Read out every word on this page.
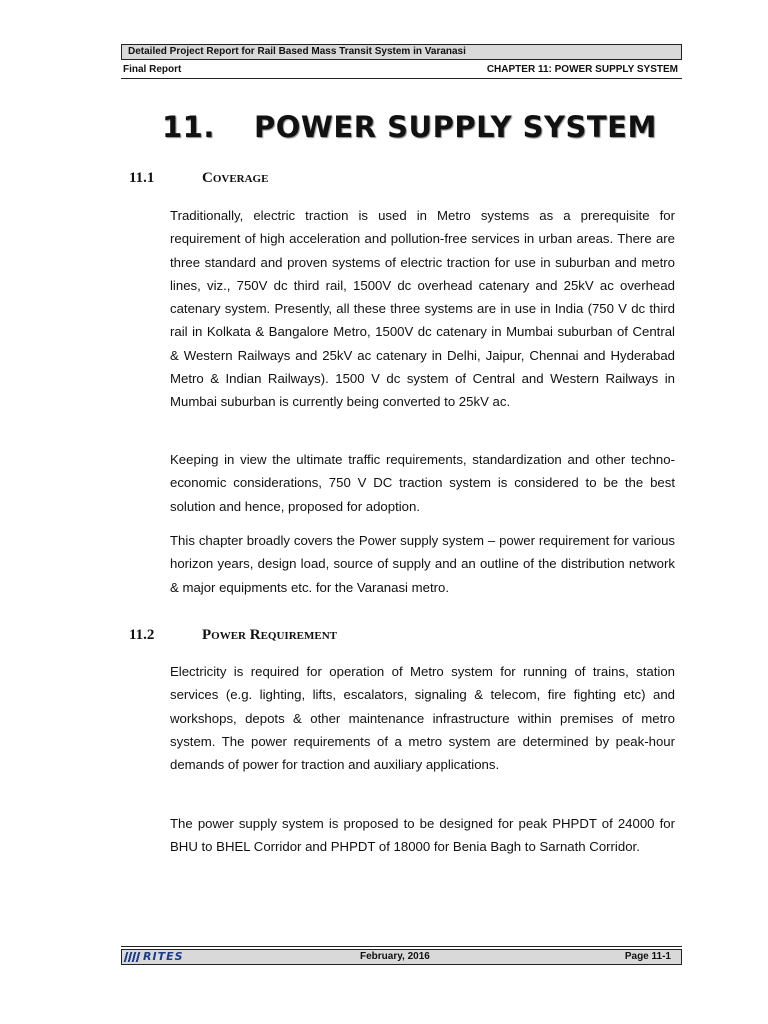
Detailed Project Report for Rail Based Mass Transit System in Varanasi
Final Report	CHAPTER 11: POWER SUPPLY SYSTEM
11. POWER SUPPLY SYSTEM
11.1	Coverage
Traditionally, electric traction is used in Metro systems as a prerequisite for requirement of high acceleration and pollution-free services in urban areas. There are three standard and proven systems of electric traction for use in suburban and metro lines, viz., 750V dc third rail, 1500V dc overhead catenary and 25kV ac overhead catenary system. Presently, all these three systems are in use in India (750 V dc third rail in Kolkata & Bangalore Metro, 1500V dc catenary in Mumbai suburban of Central & Western Railways and 25kV ac catenary in Delhi, Jaipur, Chennai and Hyderabad Metro & Indian Railways). 1500 V dc system of Central and Western Railways in Mumbai suburban is currently being converted to 25kV ac.
Keeping in view the ultimate traffic requirements, standardization and other techno-economic considerations, 750 V DC traction system is considered to be the best solution and hence, proposed for adoption.
This chapter broadly covers the Power supply system – power requirement for various horizon years, design load, source of supply and an outline of the distribution network & major equipments etc. for the Varanasi metro.
11.2	Power Requirement
Electricity is required for operation of Metro system for running of trains, station services (e.g. lighting, lifts, escalators, signaling & telecom, fire fighting etc) and workshops, depots & other maintenance infrastructure within premises of metro system. The power requirements of a metro system are determined by peak-hour demands of power for traction and auxiliary applications.
The power supply system is proposed to be designed for peak PHPDT of 24000 for BHU to BHEL Corridor and PHPDT of 18000 for Benia Bagh to Sarnath Corridor.
RITES	February, 2016	Page 11-1
